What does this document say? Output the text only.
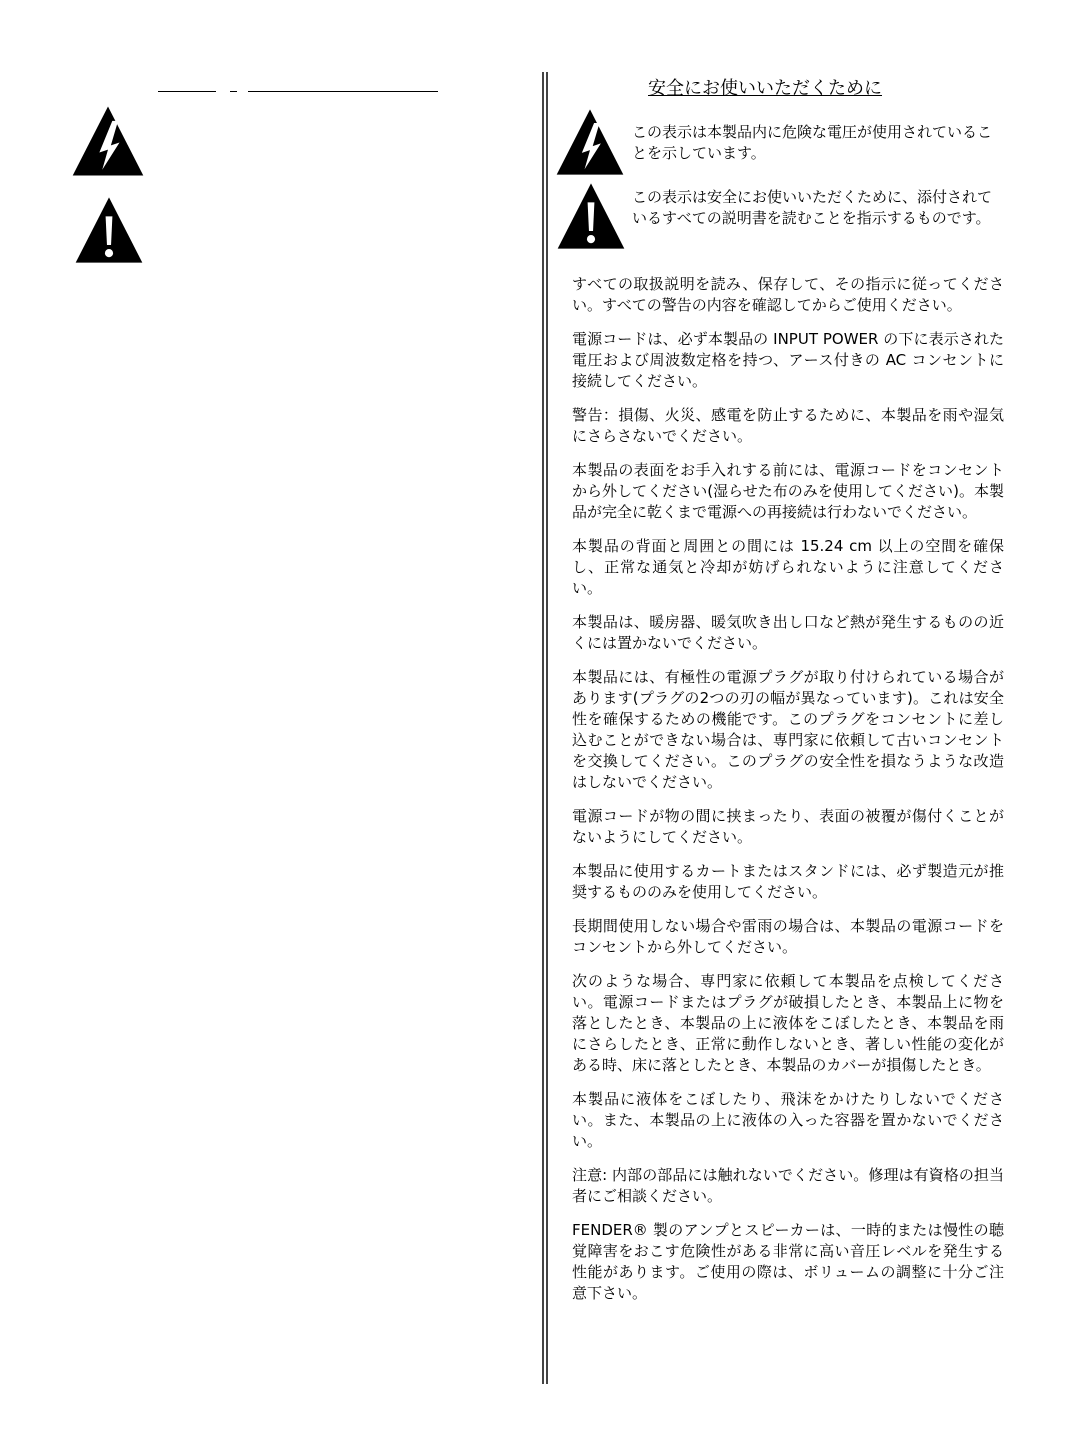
安全にお使いいただくために
この表示は本製品内に危険な電圧が使用されていることを示しています。
この表示は安全にお使いいただくために、添付されているすべての説明書を読むことを指示するものです。

すべての取扱説明を読み、保存して、その指示に従ってください。すべての警告の内容を確認してからご使用ください。

電源コードは、必ず本製品の INPUT POWER の下に表示された電圧および周波数定格を持つ、アース付きの AC コンセントに接続してください。

警告：損傷、火災、感電を防止するために、本製品を雨や湿気にさらさないでください。

本製品の表面をお手入れする前には、電源コードをコンセントから外してください(湿らせた布のみを使用してください)。本製品が完全に乾くまで電源への再接続は行わないでください。

本製品の背面と周囲との間には 15.24 cm 以上の空間を確保し、正常な通気と冷却が妨げられないように注意してください。

本製品は、暖房器、暖気吹き出し口など熱が発生するものの近くには置かないでください。

本製品には、有極性の電源プラグが取り付けられている場合があります(プラグの2つの刃の幅が異なっています)。これは安全性を確保するための機能です。このプラグをコンセントに差し込むことができない場合は、専門家に依頼して古いコンセントを交換してください。このプラグの安全性を損なうような改造はしないでください。

電源コードが物の間に挟まったり、表面の被覆が傷付くことがないようにしてください。

本製品に使用するカートまたはスタンドには、必ず製造元が推奨するもののみを使用してください。

長期間使用しない場合や雷雨の場合は、本製品の電源コードをコンセントから外してください。

次のような場合、専門家に依頼して本製品を点検してください。電源コードまたはプラグが破損したとき、本製品上に物を落としたとき、本製品の上に液体をこぼしたとき、本製品を雨にさらしたとき、正常に動作しないとき、著しい性能の変化がある時、床に落としたとき、本製品のカバーが損傷したとき。

本製品に液体をこぼしたり、飛沫をかけたりしないでください。また、本製品の上に液体の入った容器を置かないでください。

注意: 内部の部品には触れないでください。修理は有資格の担当者にご相談ください。

FENDER® 製のアンプとスピーカーは、一時的または慢性の聴覚障害をおこす危険性がある非常に高い音圧レベルを発生する性能があります。ご使用の際は、ボリュームの調整に十分ご注意下さい。
